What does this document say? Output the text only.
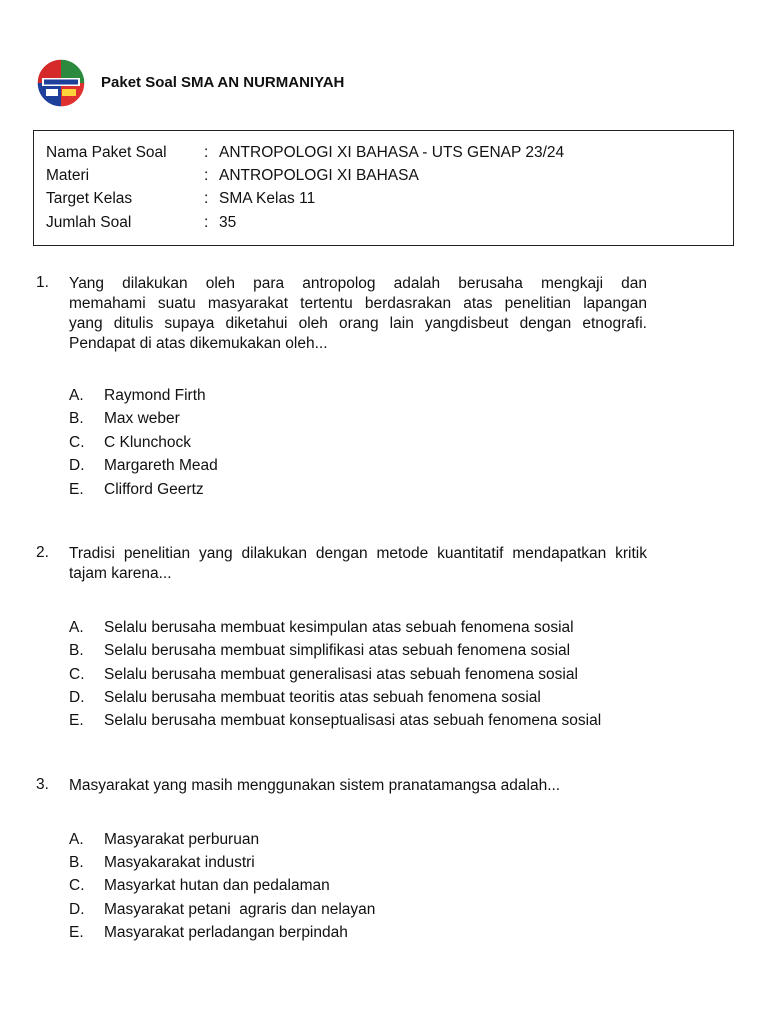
Paket Soal SMA AN NURMANIYAH
Nama Paket Soal : ANTROPOLOGI XI BAHASA - UTS GENAP 23/24
Materi	: ANTROPOLOGI XI BAHASA
Target Kelas	: SMA Kelas 11
Jumlah Soal	: 35
1. Yang dilakukan oleh para antropolog adalah berusaha mengkaji dan
memahami suatu masyarakat tertentu berdasrakan atas penelitian lapangan
yang ditulis supaya diketahui oleh orang lain yangdisbeut dengan etnografi.
Pendapat di atas dikemukakan oleh...
A. Raymond Firth
B. Max weber
C. C Klunchock
D. Margareth Mead
E. Clifford Geertz
2. Tradisi penelitian yang dilakukan dengan metode kuantitatif mendapatkan kritik
tajam karena...
A. Selalu berusaha membuat kesimpulan atas sebuah fenomena sosial
B. Selalu berusaha membuat simplifikasi atas sebuah fenomena sosial
C. Selalu berusaha membuat generalisasi atas sebuah fenomena sosial
D. Selalu berusaha membuat teoritis atas sebuah fenomena sosial
E. Selalu berusaha membuat konseptualisasi atas sebuah fenomena sosial
3. Masyarakat yang masih menggunakan sistem pranatamangsa adalah...
A. Masyarakat perburuan
B. Masyakarakat industri
C. Masyarkat hutan dan pedalaman
D. Masyarakat petani  agraris dan nelayan
E. Masyarakat perladangan berpindah
